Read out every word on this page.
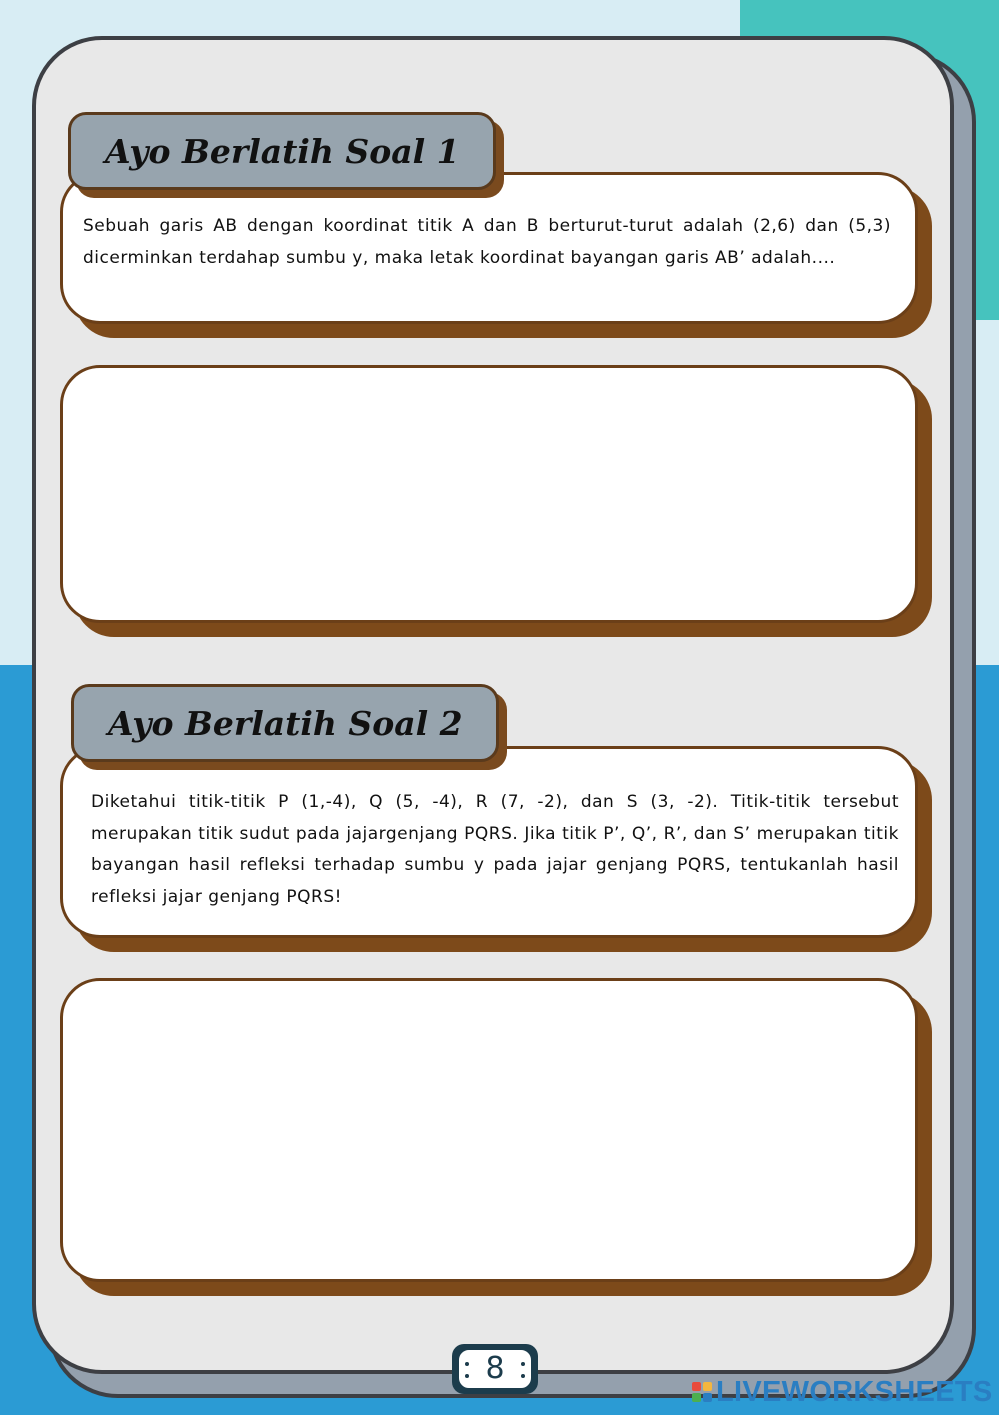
Sebuah garis AB dengan koordinat titik A dan B berturut-turut adalah (2,6) dan (5,3) dicerminkan terdahap sumbu y, maka letak koordinat bayangan garis AB’ adalah....
Ayo Berlatih Soal 1
Diketahui titik-titik P (1,-4), Q (5, -4), R (7, -2), dan S (3, -2). Titik-titik tersebut merupakan titik sudut pada jajargenjang PQRS. Jika titik P’, Q’, R’, dan S’ merupakan titik bayangan hasil refleksi terhadap sumbu y pada jajar genjang PQRS, tentukanlah hasil refleksi jajar genjang PQRS!
Ayo Berlatih Soal 2
8
LIVEWORKSHEETS
